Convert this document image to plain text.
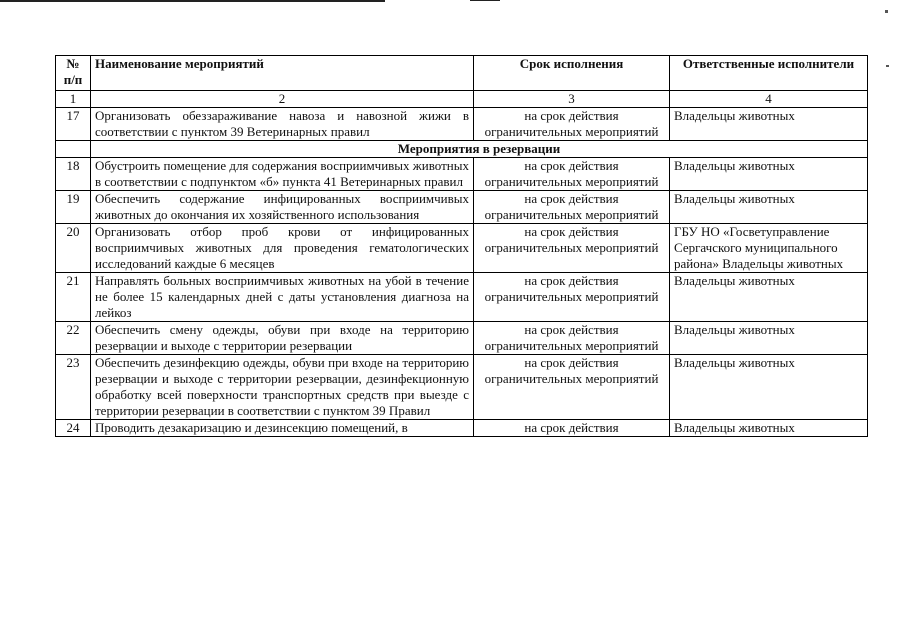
№ п/п	Наименование мероприятий	Срок исполнения	Ответственные исполнители
1	2	3	4
17	Организовать обеззараживание навоза и навозной жижи в соответствии с пунктом 39 Ветеринарных правил	на срок действия ограничительных мероприятий	Владельцы животных
	Мероприятия в резервации		
18	Обустроить помещение для содержания восприимчивых животных в соответствии с подпунктом «б» пункта 41 Ветеринарных правил	на срок действия ограничительных мероприятий	Владельцы животных
19	Обеспечить содержание инфицированных восприимчивых животных до окончания их хозяйственного использования	на срок действия ограничительных мероприятий	Владельцы животных
20	Организовать отбор проб крови от инфицированных восприимчивых животных для проведения гематологических исследований каждые 6 месяцев	на срок действия ограничительных мероприятий	ГБУ НО «Госветуправление Сергачского муниципального района» Владельцы животных
21	Направлять больных восприимчивых животных на убой в течение не более 15 календарных дней с даты установления диагноза на лейкоз	на срок действия ограничительных мероприятий	Владельцы животных
22	Обеспечить смену одежды, обуви при входе на территорию резервации и выходе с территории резервации	на срок действия ограничительных мероприятий	Владельцы животных
23	Обеспечить дезинфекцию одежды, обуви при входе на территорию резервации и выходе с территории резервации, дезинфекционную обработку всей поверхности транспортных средств при выезде с территории резервации в соответствии с пунктом 39 Правил	на срок действия ограничительных мероприятий	Владельцы животных
24	Проводить дезакаризацию и дезинсекцию помещений, в	на срок действия	Владельцы животных
